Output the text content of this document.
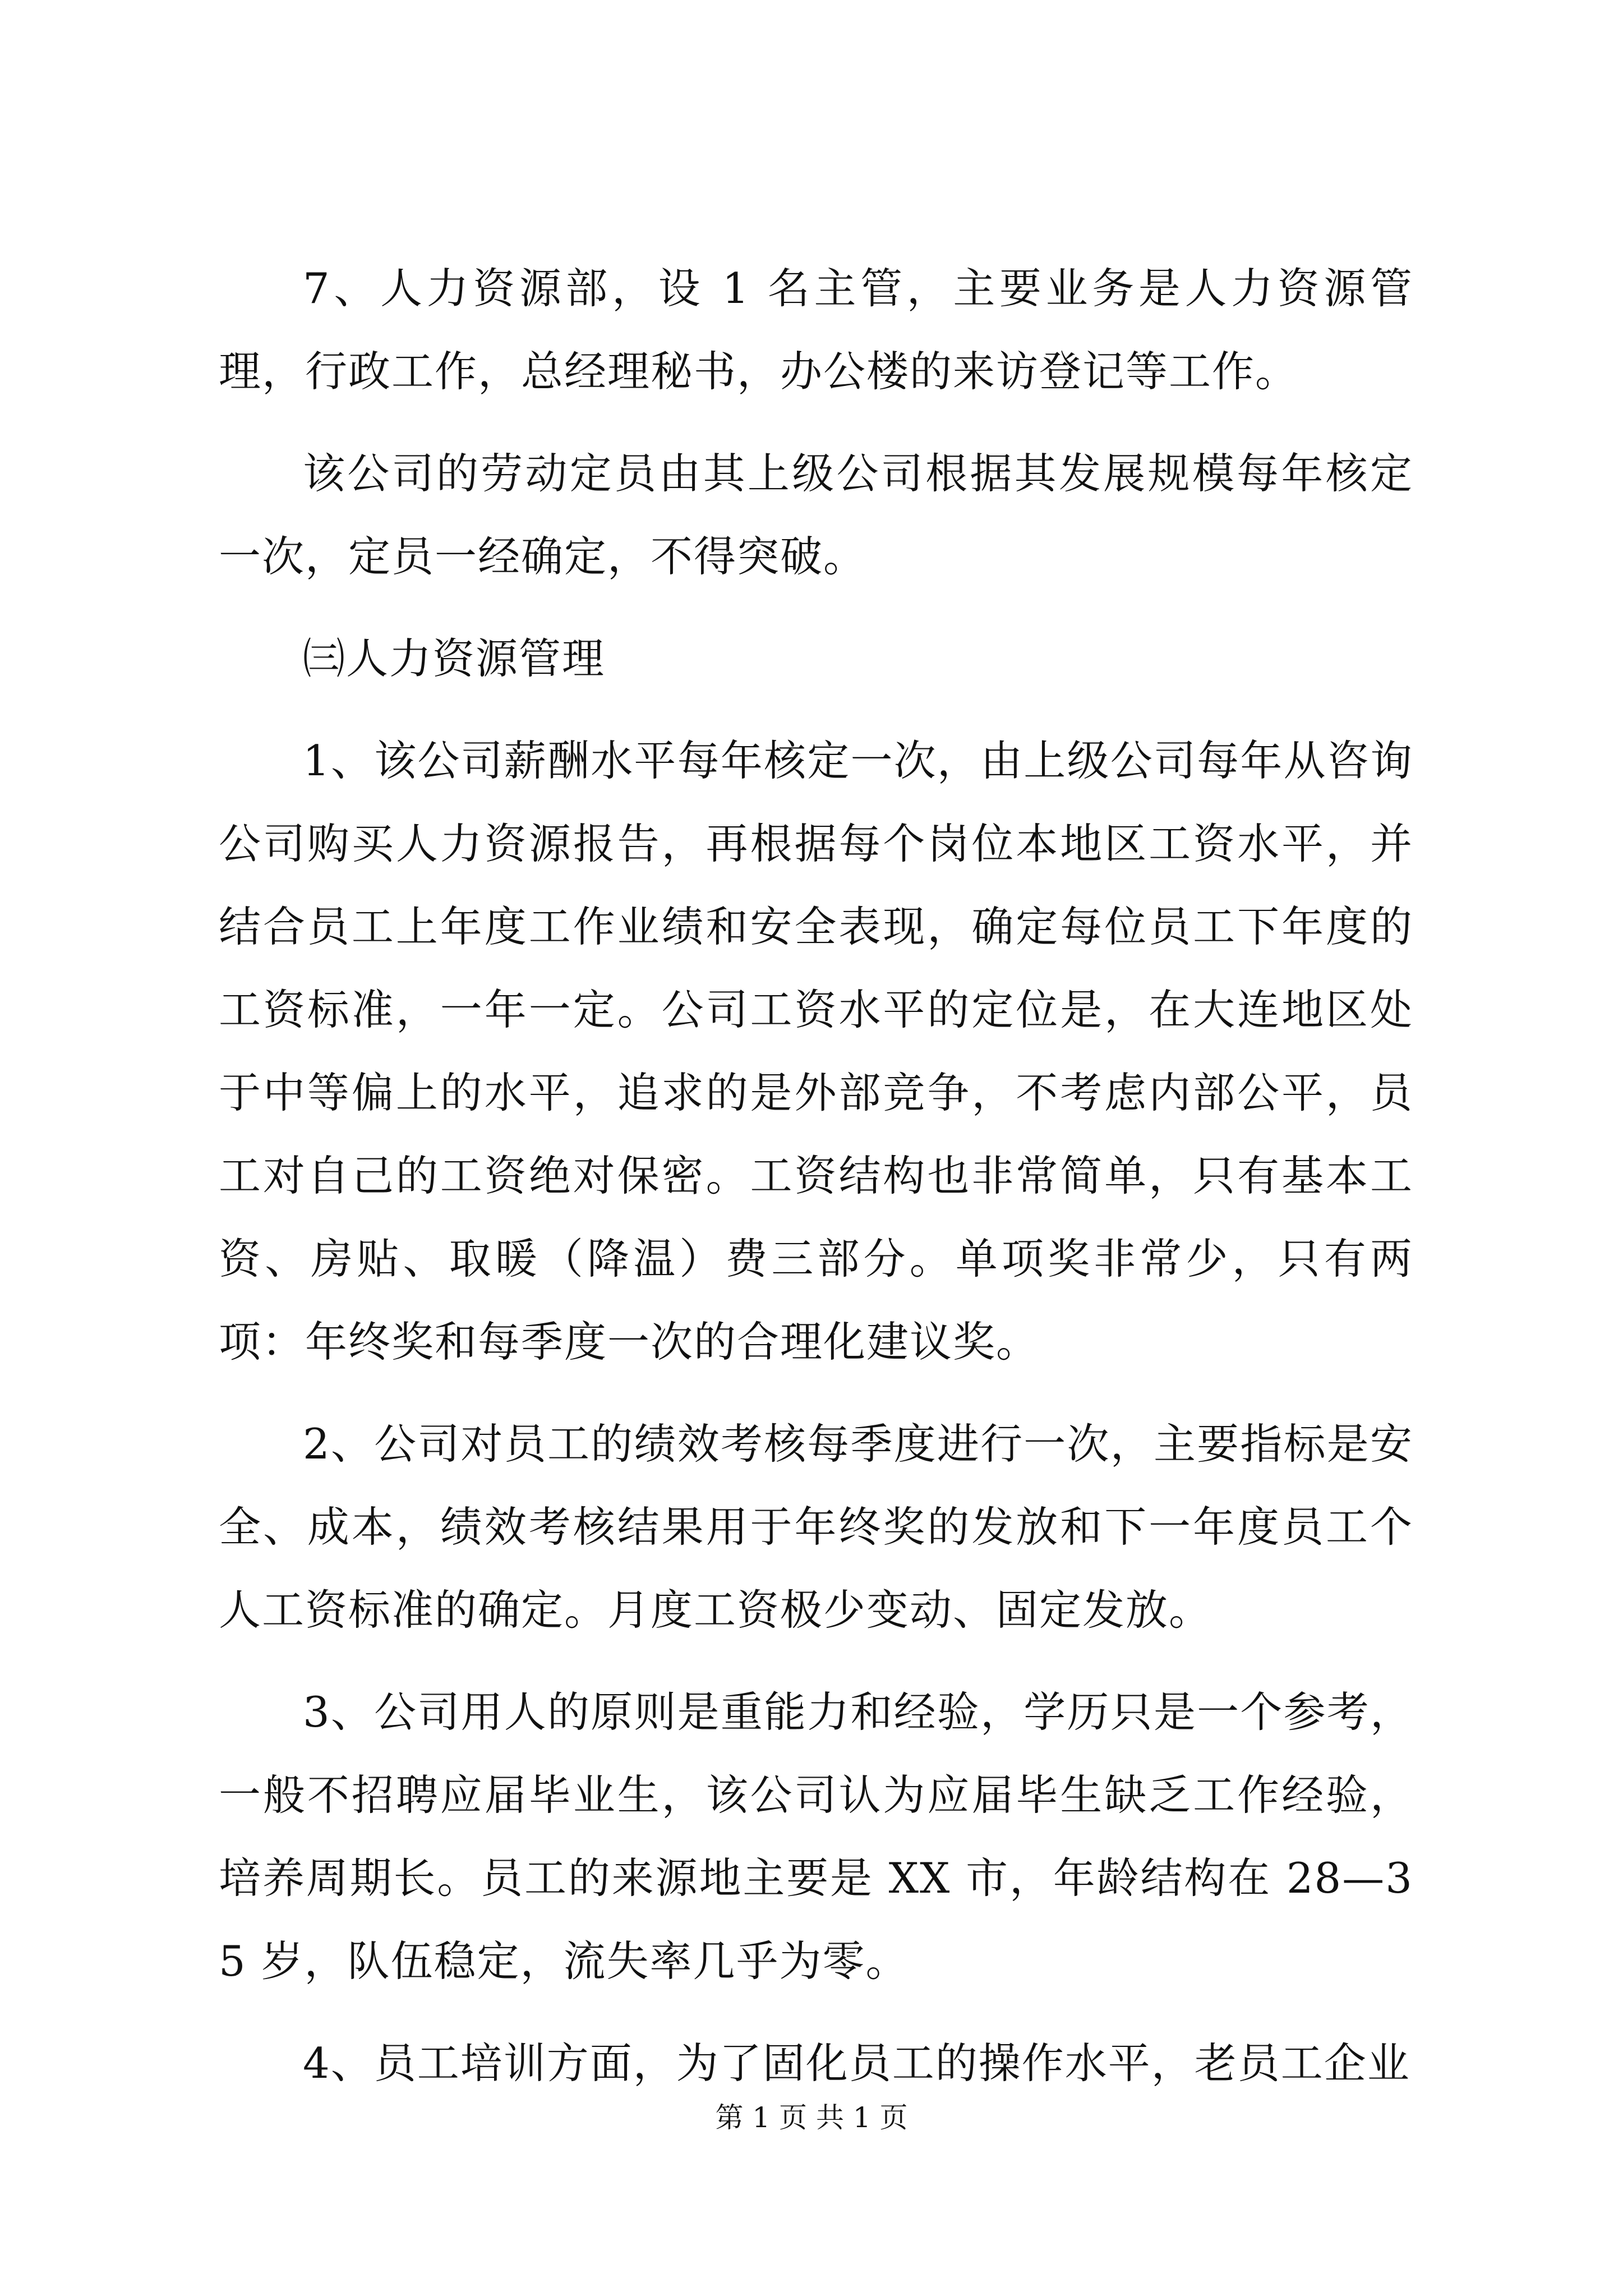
7、人力资源部，设 1 名主管，主要业务是人力资源管理，行政工作，总经理秘书，办公楼的来访登记等工作。

该公司的劳动定员由其上级公司根据其发展规模每年核定一次，定员一经确定，不得突破。

㈢人力资源管理

1、该公司薪酬水平每年核定一次，由上级公司每年从咨询公司购买人力资源报告，再根据每个岗位本地区工资水平，并结合员工上年度工作业绩和安全表现，确定每位员工下年度的工资标准，一年一定。公司工资水平的定位是，在大连地区处于中等偏上的水平，追求的是外部竞争，不考虑内部公平，员工对自己的工资绝对保密。工资结构也非常简单，只有基本工资、房贴、取暖（降温）费三部分。单项奖非常少，只有两项：年终奖和每季度一次的合理化建议奖。

2、公司对员工的绩效考核每季度进行一次，主要指标是安全、成本，绩效考核结果用于年终奖的发放和下一年度员工个人工资标准的确定。月度工资极少变动、固定发放。

3、公司用人的原则是重能力和经验，学历只是一个参考，一般不招聘应届毕业生，该公司认为应届毕生缺乏工作经验，培养周期长。员工的来源地主要是 XX 市，年龄结构在 28—35 岁，队伍稳定，流失率几乎为零。

4、员工培训方面，为了固化员工的操作水平，老员工企业

第 1 页 共 1 页
